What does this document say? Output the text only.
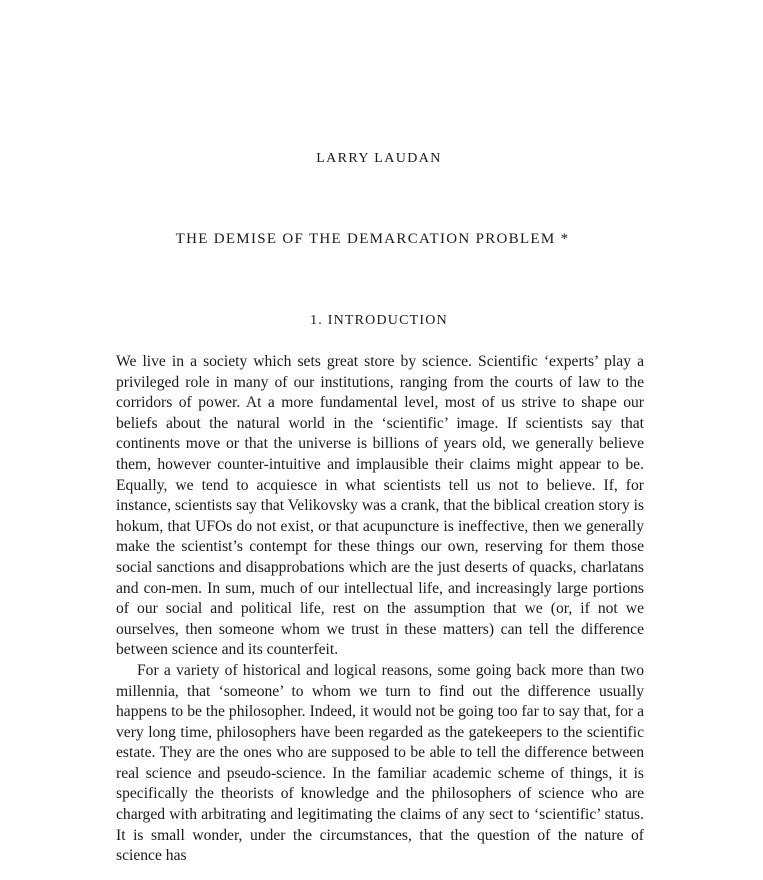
LARRY LAUDAN
THE DEMISE OF THE DEMARCATION PROBLEM *
1. INTRODUCTION

We live in a society which sets great store by science. Scientific ‘experts’ play a privileged role in many of our institutions, ranging from the courts of law to the corridors of power. At a more fundamental level, most of us strive to shape our beliefs about the natural world in the ‘scientific’ image. If scientists say that continents move or that the universe is billions of years old, we generally believe them, however counter-intuitive and implausible their claims might appear to be. Equally, we tend to acquiesce in what scientists tell us not to believe. If, for instance, scientists say that Velikovsky was a crank, that the biblical creation story is hokum, that UFOs do not exist, or that acupuncture is ineffective, then we generally make the scientist’s contempt for these things our own, reserving for them those social sanctions and disapprobations which are the just deserts of quacks, charlatans and con-men. In sum, much of our intellectual life, and increasingly large portions of our social and political life, rest on the assumption that we (or, if not we ourselves, then someone whom we trust in these matters) can tell the difference between science and its counterfeit.

For a variety of historical and logical reasons, some going back more than two millennia, that ‘someone’ to whom we turn to find out the difference usually happens to be the philosopher. Indeed, it would not be going too far to say that, for a very long time, philosophers have been regarded as the gatekeepers to the scientific estate. They are the ones who are supposed to be able to tell the difference between real science and pseudo-science. In the familiar academic scheme of things, it is specifically the theorists of knowledge and the philosophers of science who are charged with arbitrating and legitimating the claims of any sect to ‘scientific’ status. It is small wonder, under the circumstances, that the question of the nature of science has
